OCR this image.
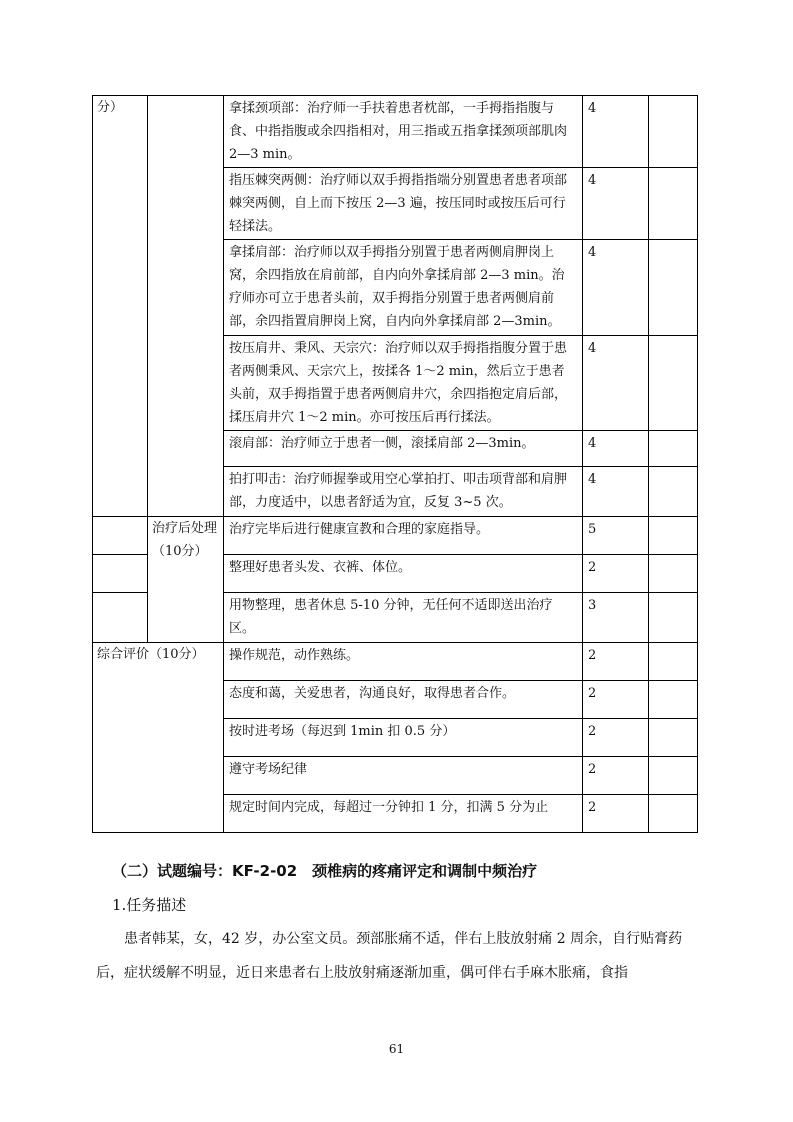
分）		拿揉颈项部：治疗师一手扶着患者枕部，一手拇指指腹与食、中指指腹或余四指相对，用三指或五指拿揉颈项部肌肉 2—3 min。	4	
		指压棘突两侧：治疗师以双手拇指指端分别置患者患者项部棘突两侧，自上而下按压 2—3 遍，按压同时或按压后可行轻揉法。	4	
		拿揉肩部：治疗师以双手拇指分别置于患者两侧肩胛岗上窝，余四指放在肩前部，自内向外拿揉肩部 2—3 min。治疗师亦可立于患者头前，双手拇指分别置于患者两侧肩前部，余四指置肩胛岗上窝，自内向外拿揉肩部 2—3min。	4	
		按压肩井、秉风、天宗穴：治疗师以双手拇指指腹分置于患者两侧秉风、天宗穴上，按揉各 1～2 min，然后立于患者头前，双手拇指置于患者两侧肩井穴，余四指抱定肩后部，揉压肩井穴 1～2 min。亦可按压后再行揉法。	4	
		滚肩部：治疗师立于患者一侧，滚揉肩部 2—3min。	4	
		拍打叩击：治疗师握拳或用空心掌拍打、叩击项背部和肩胛部，力度适中，以患者舒适为宜，反复 3~5 次。	4	
	治疗后处理（10分）	治疗完毕后进行健康宣教和合理的家庭指导。	5	
		整理好患者头发、衣裤、体位。	2	
		用物整理，患者休息 5-10 分钟，无任何不适即送出治疗区。	3	
综合评价（10分）		操作规范，动作熟练。	2	
		态度和蔼，关爱患者，沟通良好，取得患者合作。	2	
		按时进考场（每迟到 1min 扣 0.5 分）	2	
		遵守考场纪律	2	
		规定时间内完成，每超过一分钟扣 1 分，扣满 5 分为止	2	
（二）试题编号：KF-2-02　颈椎病的疼痛评定和调制中频治疗
1.任务描述

患者韩某，女，42 岁，办公室文员。颈部胀痛不适，伴右上肢放射痛 2 周余，自行贴膏药后，症状缓解不明显，近日来患者右上肢放射痛逐渐加重，偶可伴右手麻木胀痛，食指

61
